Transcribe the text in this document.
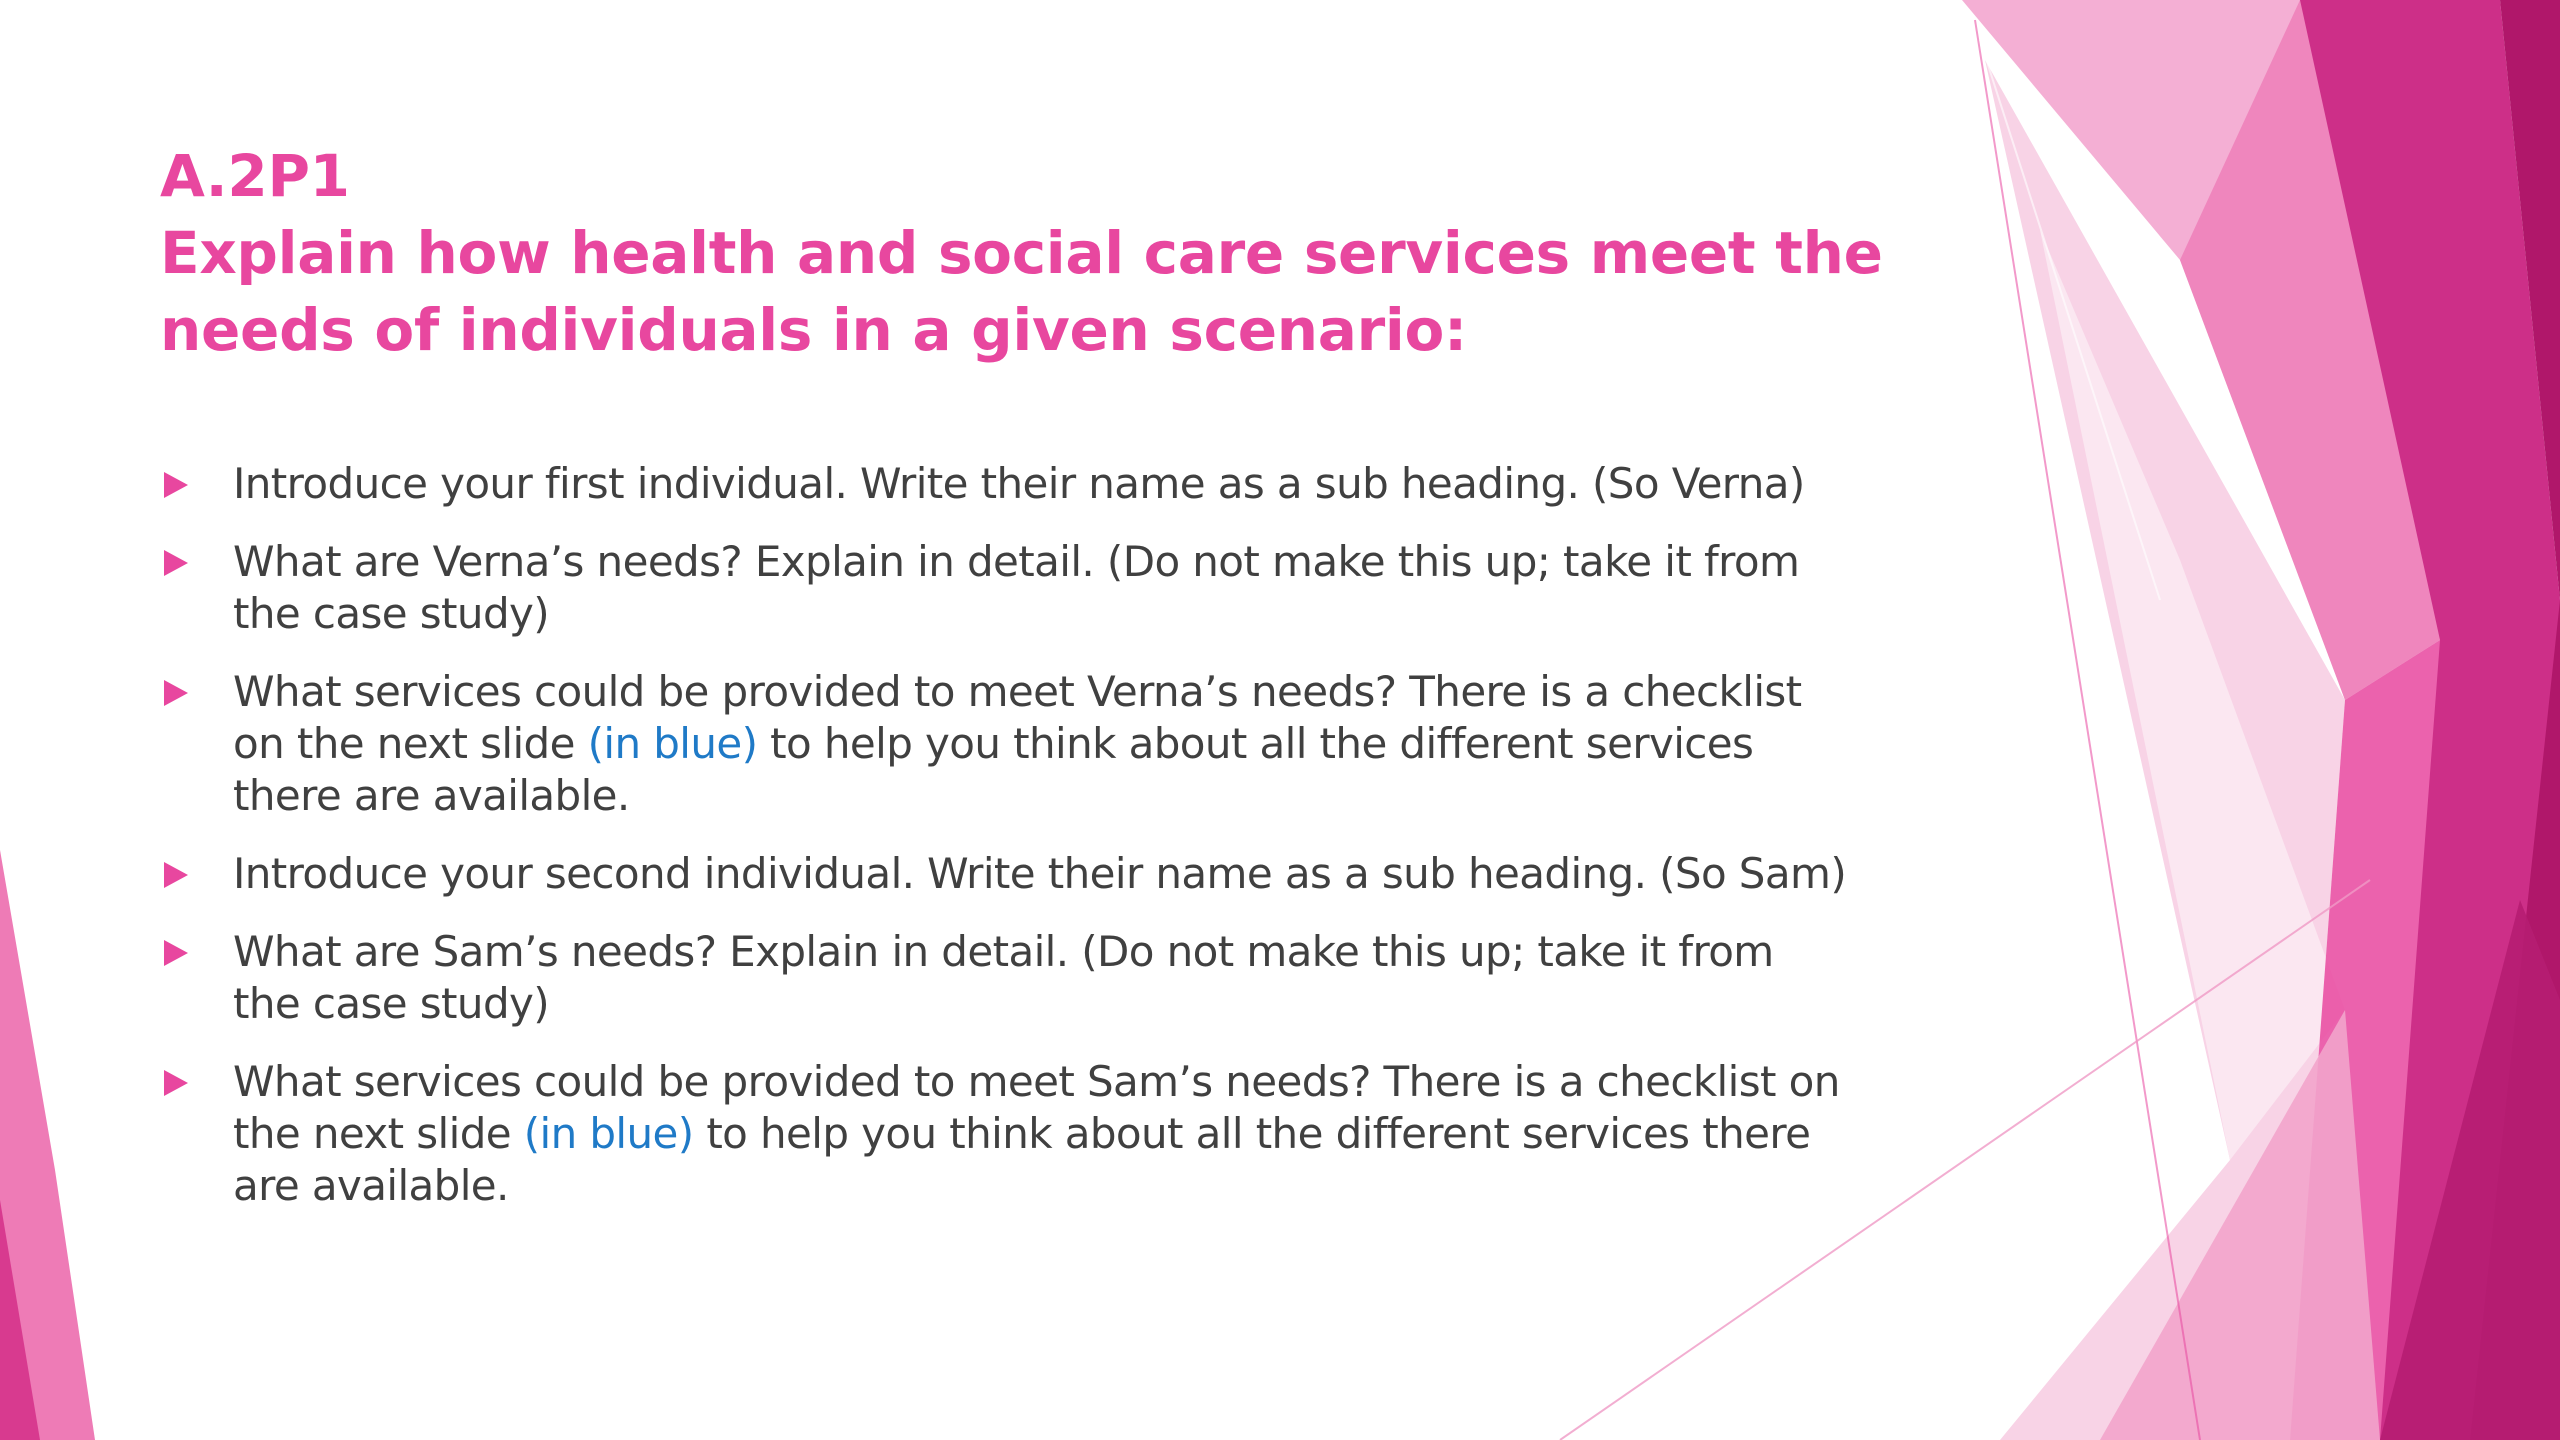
A.2P1
Explain how health and social care services meet the
needs of individuals in a given scenario:
Introduce your first individual. Write their name as a sub heading. (So Verna)
What are Verna’s needs? Explain in detail. (Do not make this up; take it from
the case study)
What services could be provided to meet Verna’s needs? There is a checklist
on the next slide (in blue) to help you think about all the different services
there are available.
Introduce your second individual. Write their name as a sub heading. (So Sam)
What are Sam’s needs? Explain in detail. (Do not make this up; take it from
the case study)
What services could be provided to meet Sam’s needs? There is a checklist on
the next slide (in blue) to help you think about all the different services there
are available.
